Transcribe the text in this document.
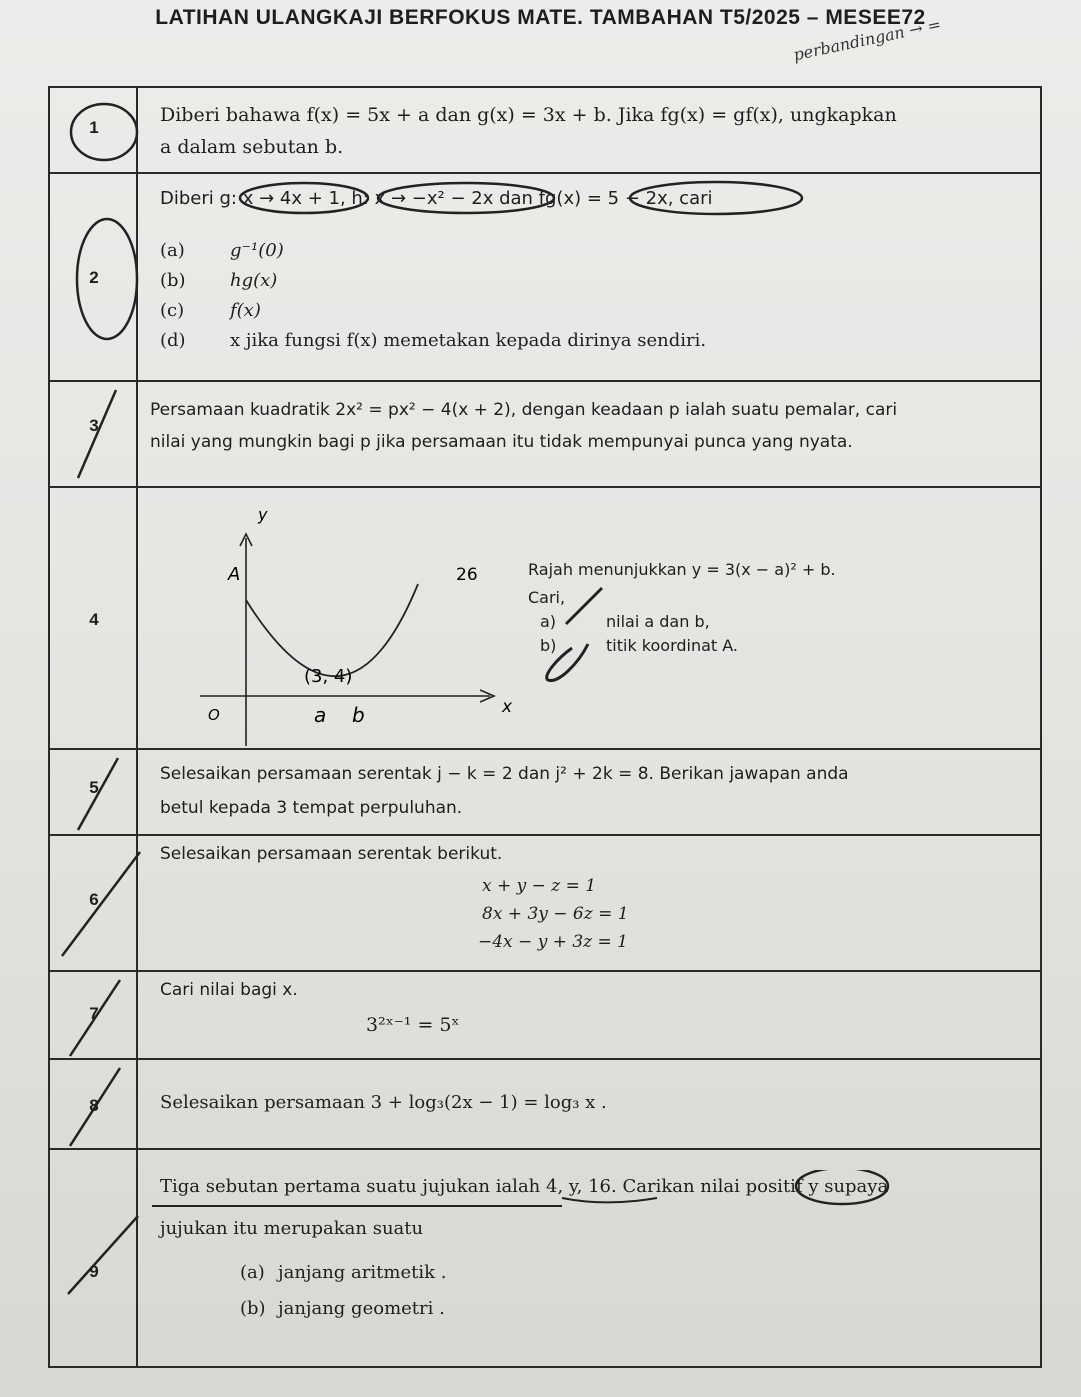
LATIHAN ULANGKAJI BERFOKUS MATE. TAMBAHAN T5/2025 – MESEE72
perbandingan → =
1
Diberi bahawa f(x) = 5x + a dan g(x) = 3x + b. Jika fg(x) = gf(x), ungkapkan
a dalam sebutan b.
2
Diberi g: x → 4x + 1, h: x → −x² − 2x dan fg(x) = 5 − 2x, cari
(a)	g⁻¹(0)
(b) hg(x)
(c)	f(x)
(d) x jika fungsi f(x) memetakan kepada dirinya sendiri.
3
Persamaan kuadratik 2x² = px² − 4(x + 2), dengan keadaan p ialah suatu pemalar, cari
nilai yang mungkin bagi p jika persamaan itu tidak mempunyai punca yang nyata.
4
y
x
A	26
(3, 4)
O	a b
Rajah menunjukkan y = 3(x − a)² + b.
Cari,
a)	nilai a dan b,
b)	titik koordinat A.
5
Selesaikan persamaan serentak j − k = 2 dan j² + 2k = 8. Berikan jawapan anda
betul kepada 3 tempat perpuluhan.
6
Selesaikan persamaan serentak berikut.
x + y − z = 1
8x + 3y − 6z = 1
−4x − y + 3z = 1
7
Cari nilai bagi x.
3²ˣ⁻¹ = 5ˣ
8	Selesaikan persamaan 3 + log₃(2x − 1) = log₃ x .
9
Tiga sebutan pertama suatu jujukan ialah 4, y, 16. Carikan nilai positif y supaya
jujukan itu merupakan suatu
(a) janjang aritmetik .
(b) janjang geometri .
